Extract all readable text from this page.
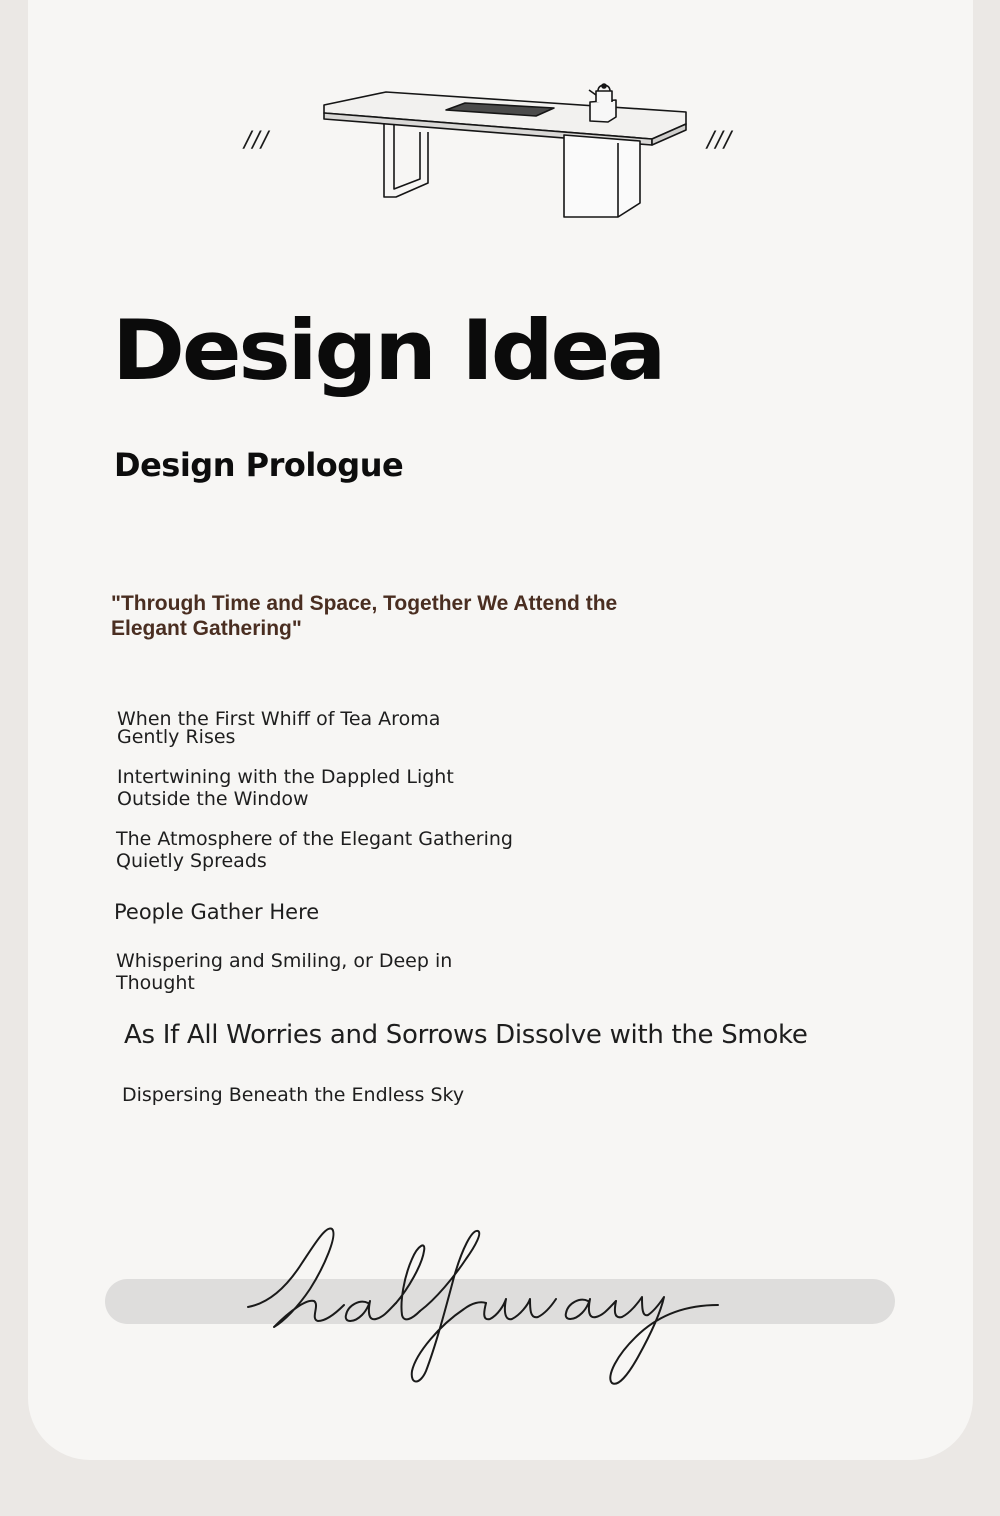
///	///
Design Idea
Design Prologue
"Through Time and Space, Together We Attend the Elegant Gathering"
When the First Whiff of Tea Aroma
Gently Rises
Intertwining with the Dappled Light
Outside the Window
The Atmosphere of the Elegant Gathering
Quietly Spreads
People Gather Here
Whispering and Smiling, or Deep in
Thought
As If All Worries and Sorrows Dissolve with the Smoke
Dispersing Beneath the Endless Sky
